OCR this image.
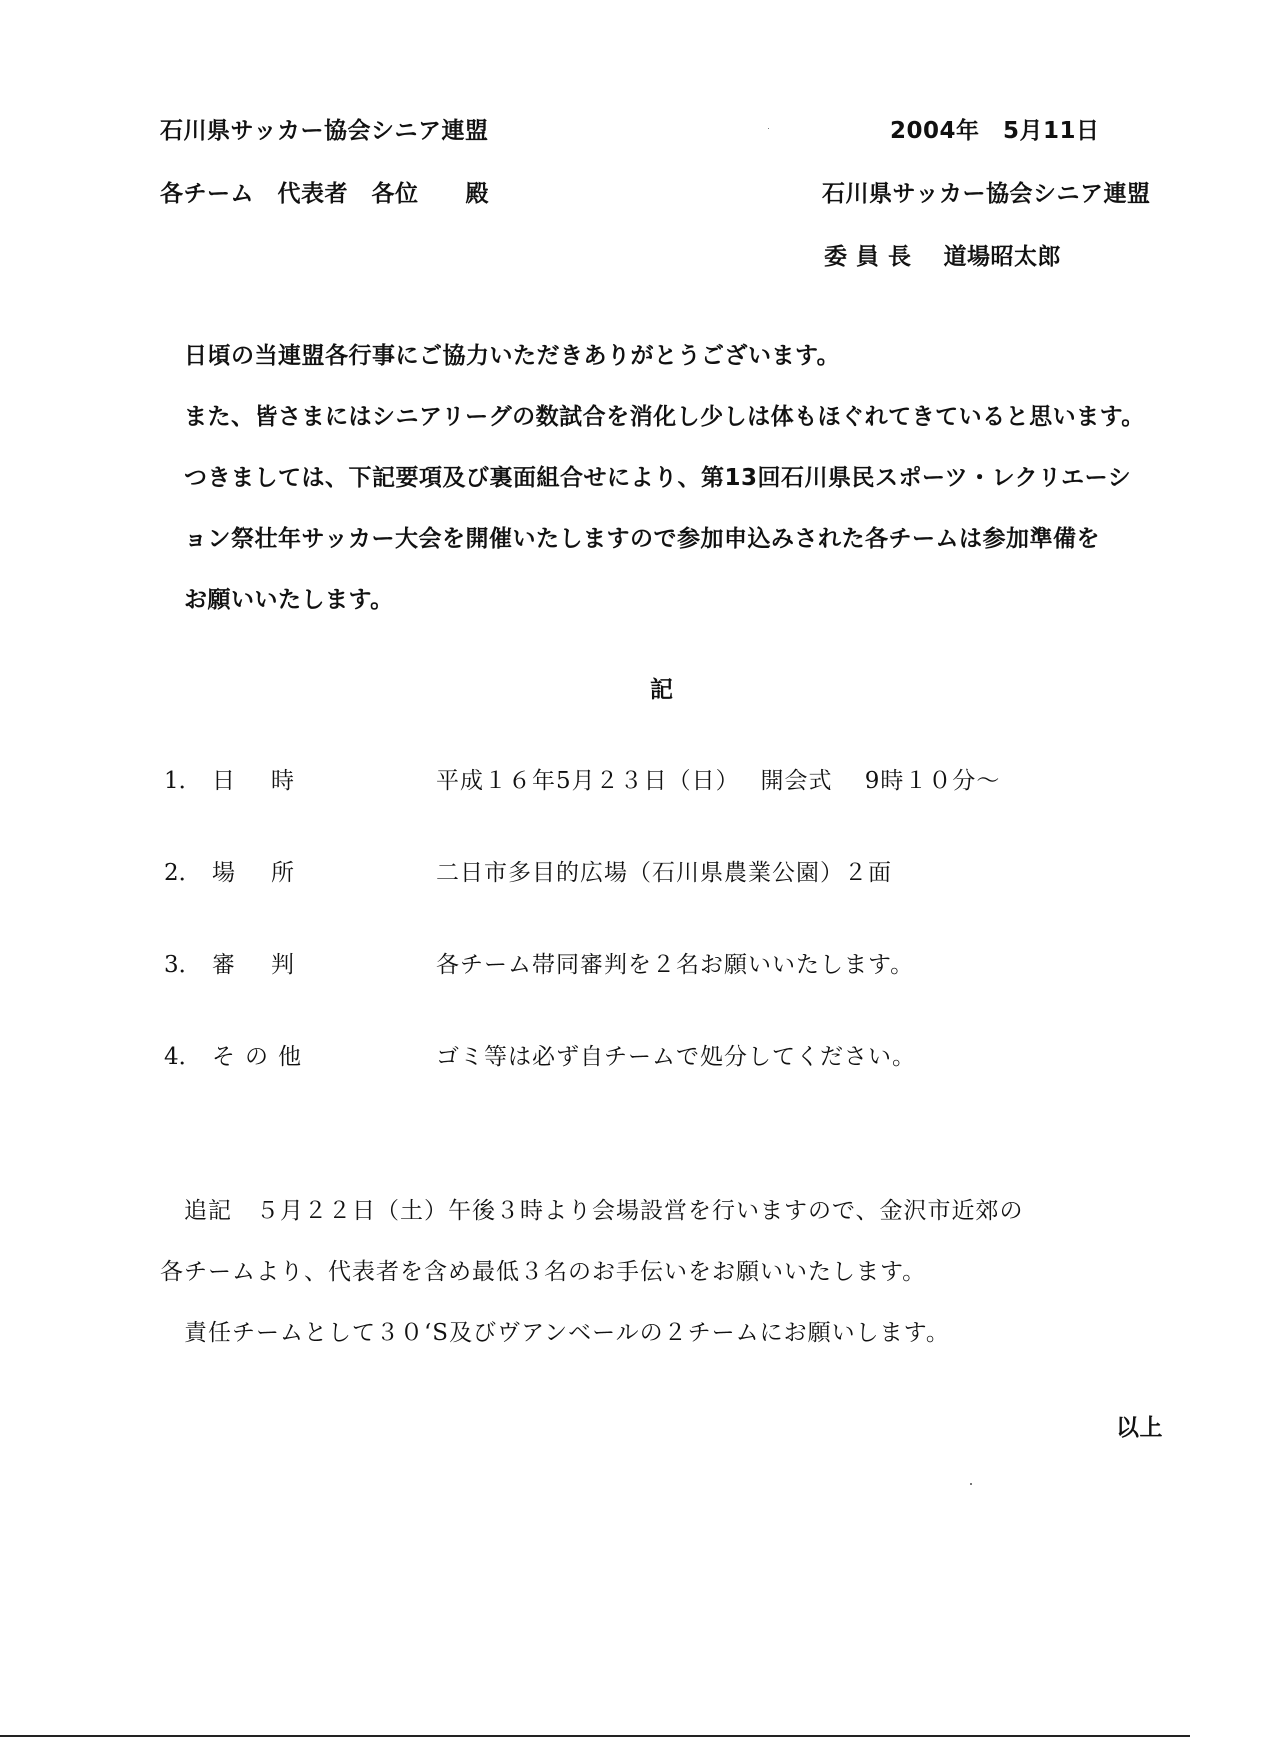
石川県サッカー協会シニア連盟	2004年　5月11日
各チーム　代表者　各位　　殿	石川県サッカー協会シニア連盟
委 員 長　 道場昭太郎
日頃の当連盟各行事にご協力いただきありがとうございます。
また、皆さまにはシニアリーグの数試合を消化し少しは体もほぐれてきていると思います。
つきましては、下記要項及び裏面組合せにより、第13回石川県民スポーツ・レクリエーシ
ョン祭壮年サッカー大会を開催いたしますので参加申込みされた各チームは参加準備を
お願いいたします。
記
1． 日時	平成１６年5月２３日（日）　 開会式　 9時１０分～
2． 場所	二日市多目的広場（石川県農業公園）２面
3． 審判	各チーム帯同審判を２名お願いいたします。
4． その他	ゴミ等は必ず自チームで処分してください。
追記　５月２２日（土）午後３時より会場設営を行いますので、金沢市近郊の
各チームより、代表者を含め最低３名のお手伝いをお願いいたします。
責任チームとして３０‘S及びヴアンベールの２チームにお願いします。
以上
